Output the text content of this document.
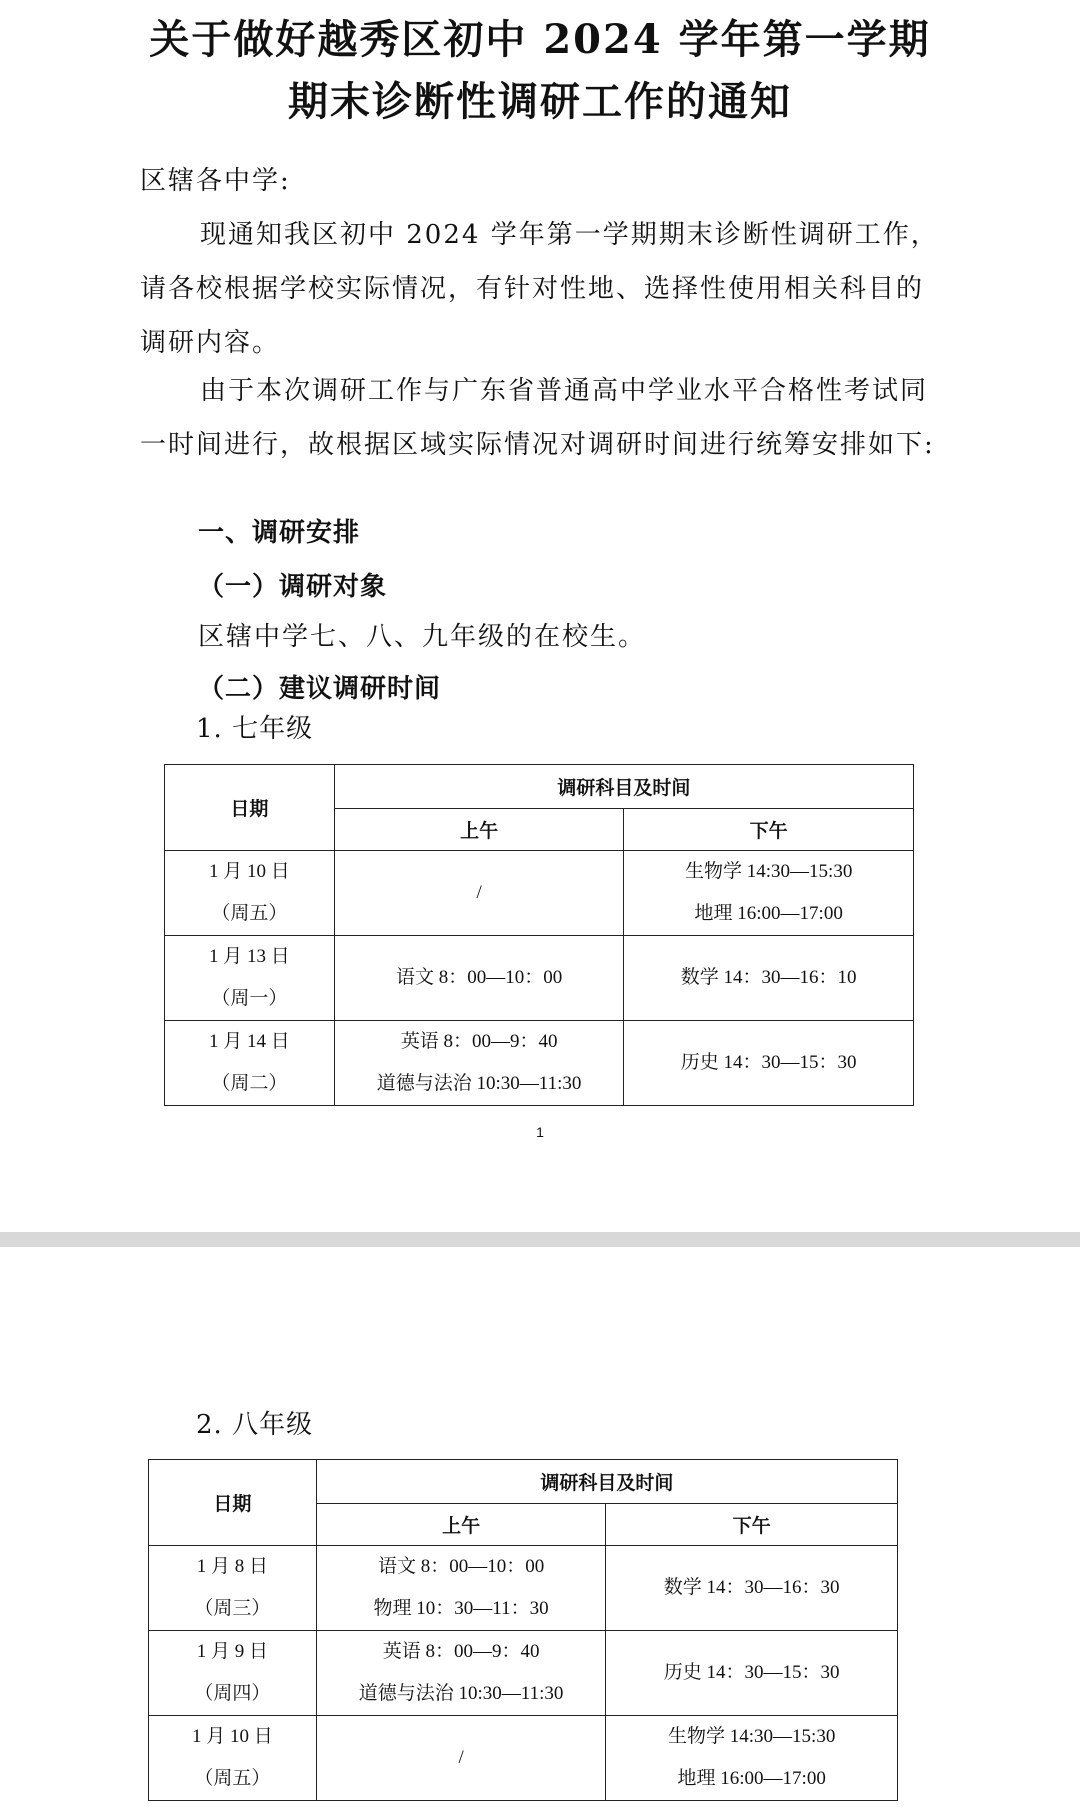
关于做好越秀区初中 2024 学年第一学期
期末诊断性调研工作的通知

区辖各中学:

现通知我区初中 2024 学年第一学期期末诊断性调研工作，请各校根据学校实际情况，有针对性地、选择性使用相关科目的调研内容。

由于本次调研工作与广东省普通高中学业水平合格性考试同一时间进行，故根据区域实际情况对调研时间进行统筹安排如下:

一、调研安排

（一）调研对象

区辖中学七、八、九年级的在校生。

（二）建议调研时间

1. 七年级

日期	调研科目及时间	
	上午	下午

1 月 10 日
（周五）	/	生物学 14:30—15:30
地理 16:00—17:00

1 月 13 日
（周一）	语文 8：00—10：00	数学 14：30—16：10

1 月 14 日
（周二）	英语 8：00—9：40
道德与法治 10:30—11:30	历史 14：30—15：30
1

2. 八年级

日期	调研科目及时间	
	上午	下午

1 月 8 日
（周三）	语文 8：00—10：00
物理 10：30—11：30	数学 14：30—16：30

1 月 9 日
（周四）	英语 8：00—9：40
道德与法治 10:30—11:30	历史 14：30—15：30

1 月 10 日
（周五）	/	生物学 14:30—15:30
地理 16:00—17:00
